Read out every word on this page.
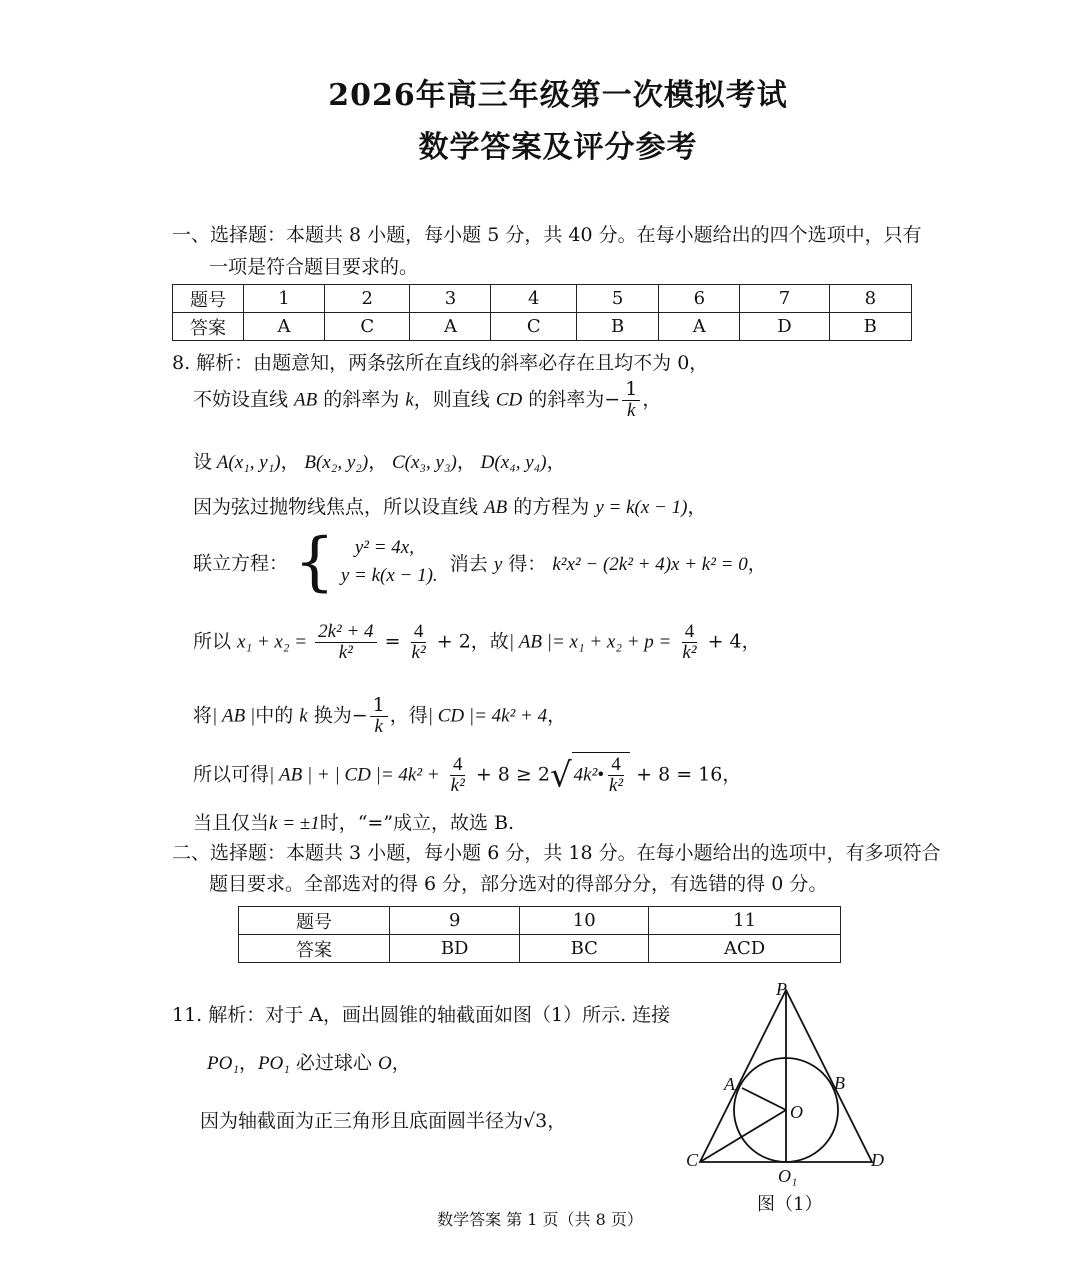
2026年高三年级第一次模拟考试
数学答案及评分参考
一、选择题：本题共 8 小题，每小题 5 分，共 40 分。在每小题给出的四个选项中，只有
一项是符合题目要求的。
题号	1	2	3	4	5	6	7	8
答案	A	C	A	C	B	A	D	B
8. 解析：由题意知，两条弦所在直线的斜率必存在且均不为 0，
不妨设直线 AB 的斜率为 k，则直线 CD 的斜率为− $\frac{1}{k}$ ，
设 A(x₁, y₁)， B(x₂, y₂)， C(x₃, y₃)， D(x₄, y₄)，
因为弦过抛物线焦点，所以设直线 AB 的方程为 y = k(x − 1)，
联立方程： {	y² = 4x,
y = k(x − 1).
消去 y 得： k²x² − (2k² + 4)x + k² = 0，
所以 $x_1 + x_2 = \frac{\text{2k² + 4}}{\text{k²}} = \frac{4}{\text{k²}} + 2$，故| AB |= $x_1 + x_2 + p = \frac{4}{\text{k²}} + 4$，
将| AB |中的 k 换为− $\frac{1}{k}$ ，得| CD |= 4k² + 4，
所以可得| AB | + | CD |= $4k^2 + \frac{4}{\text{k²}} + 8 \ge 2√$ 4k²• $\frac{4}{\text{k²}} + 8 = 16$，
当且仅当k = ±1时，“=”成立，故选 B.
二、选择题：本题共 3 小题，每小题 6 分，共 18 分。在每小题给出的选项中，有多项符合
题目要求。全部选对的得 6 分，部分选对的得部分分，有选错的得 0 分。
题号	9	10	11
答案	BD	BC	ACD
11. 解析：对于 A，画出圆锥的轴截面如图（1）所示. 连接
PO₁，PO₁ 必过球心 O，
因为轴截面为正三角形且底面圆半径为√3，
P
A	B
O
C
O₁
D
图（1）
数学答案 第 1 页（共 8 页）
